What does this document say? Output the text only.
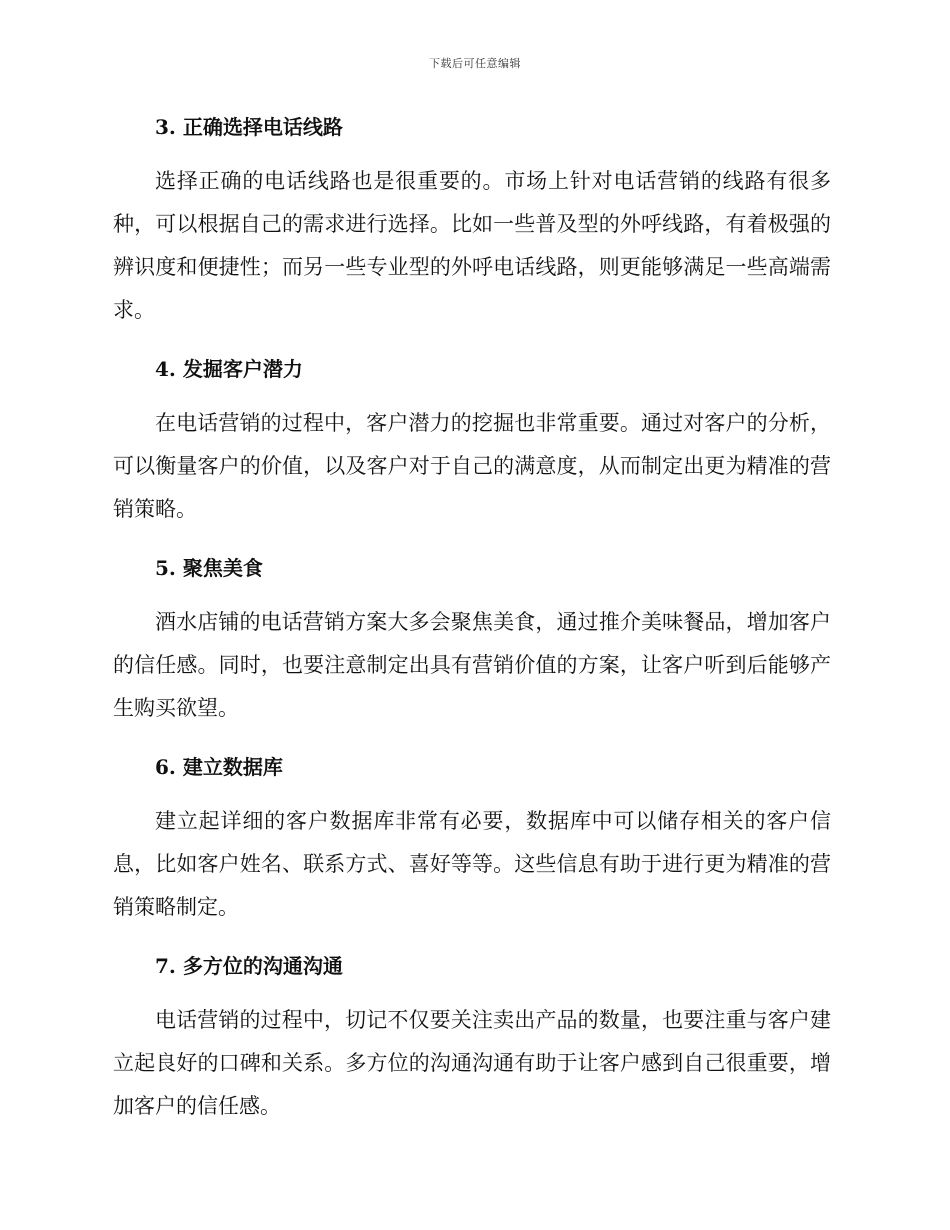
下载后可任意编辑
3. 正确选择电话线路

选择正确的电话线路也是很重要的。市场上针对电话营销的线路有很多种，可以根据自己的需求进行选择。比如一些普及型的外呼线路，有着极强的辨识度和便捷性；而另一些专业型的外呼电话线路，则更能够满足一些高端需求。

4. 发掘客户潜力

在电话营销的过程中，客户潜力的挖掘也非常重要。通过对客户的分析，可以衡量客户的价值，以及客户对于自己的满意度，从而制定出更为精准的营销策略。

5. 聚焦美食

酒水店铺的电话营销方案大多会聚焦美食，通过推介美味餐品，增加客户的信任感。同时，也要注意制定出具有营销价值的方案，让客户听到后能够产生购买欲望。

6. 建立数据库

建立起详细的客户数据库非常有必要，数据库中可以储存相关的客户信息，比如客户姓名、联系方式、喜好等等。这些信息有助于进行更为精准的营销策略制定。

7. 多方位的沟通沟通

电话营销的过程中，切记不仅要关注卖出产品的数量，也要注重与客户建立起良好的口碑和关系。多方位的沟通沟通有助于让客户感到自己很重要，增加客户的信任感。
